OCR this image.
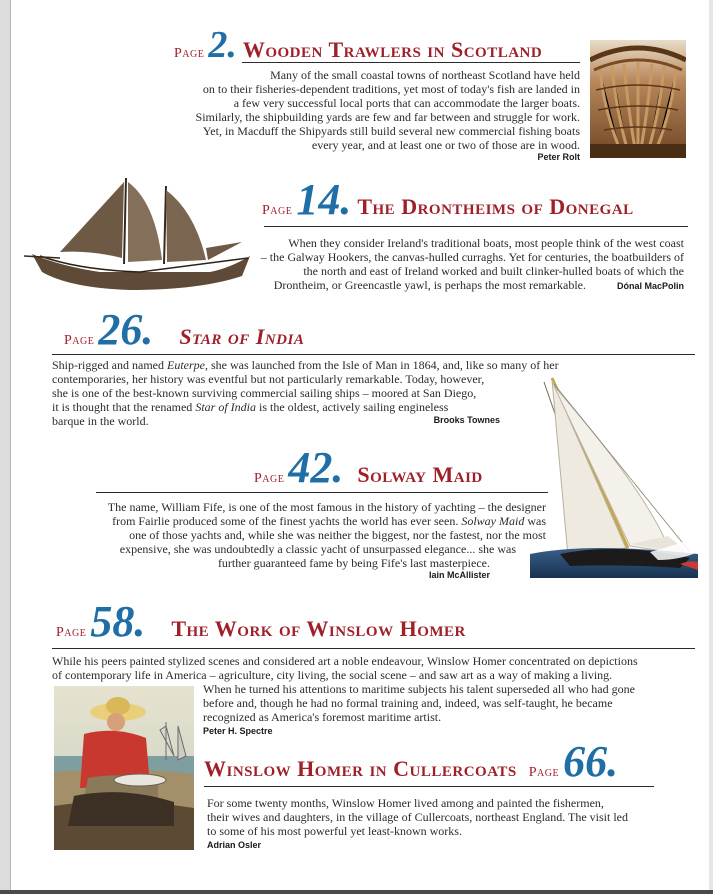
Page 2. Wooden Trawlers in Scotland
Many of the small coastal towns of northeast Scotland have held
on to their fisheries-dependent traditions, yet most of today's fish are landed in
a few very successful local ports that can accommodate the larger boats.
Similarly, the shipbuilding yards are few and far between and struggle for work.
Yet, in Macduff the Shipyards still build several new commercial fishing boats
every year, and at least one or two of those are in wood.
Peter Rolt
Page 14. The Drontheims of Donegal
When they consider Ireland's traditional boats, most people think of the west coast
– the Galway Hookers, the canvas-hulled curraghs. Yet for centuries, the boatbuilders of
the north and east of Ireland worked and built clinker-hulled boats of which the
Drontheim, or Greencastle yawl, is perhaps the most remarkable.	Dónal MacPolin
Page 26. Star of India
Ship-rigged and named Euterpe, she was launched from the Isle of Man in 1864, and, like so many of her
contemporaries, her history was eventful but not particularly remarkable. Today, however,
she is one of the best-known surviving commercial sailing ships – moored at San Diego,
it is thought that the renamed Star of India is the oldest, actively sailing engineless
barque in the world.	Brooks Townes
Page 42. Solway Maid
The name, William Fife, is one of the most famous in the history of yachting – the designer
from Fairlie produced some of the finest yachts the world has ever seen. Solway Maid was
one of those yachts and, while she was neither the biggest, nor the fastest, nor the most
expensive, she was undoubtedly a classic yacht of unsurpassed elegance... she was
further guaranteed fame by being Fife's last masterpiece.
Iain McAllister
Page 58. The Work of Winslow Homer
While his peers painted stylized scenes and considered art a noble endeavour, Winslow Homer concentrated on depictions
of contemporary life in America – agriculture, city living, the social scene – and saw art as a way of making a living.
When he turned his attentions to maritime subjects his talent superseded all who had gone
before and, though he had no formal training and, indeed, was self-taught, he became
recognized as America's foremost maritime artist.
Peter H. Spectre
Winslow Homer in Cullercoats Page 66.
For some twenty months, Winslow Homer lived among and painted the fishermen,
their wives and daughters, in the village of Cullercoats, northeast England. The visit led
to some of his most powerful yet least-known works.
Adrian Osler
